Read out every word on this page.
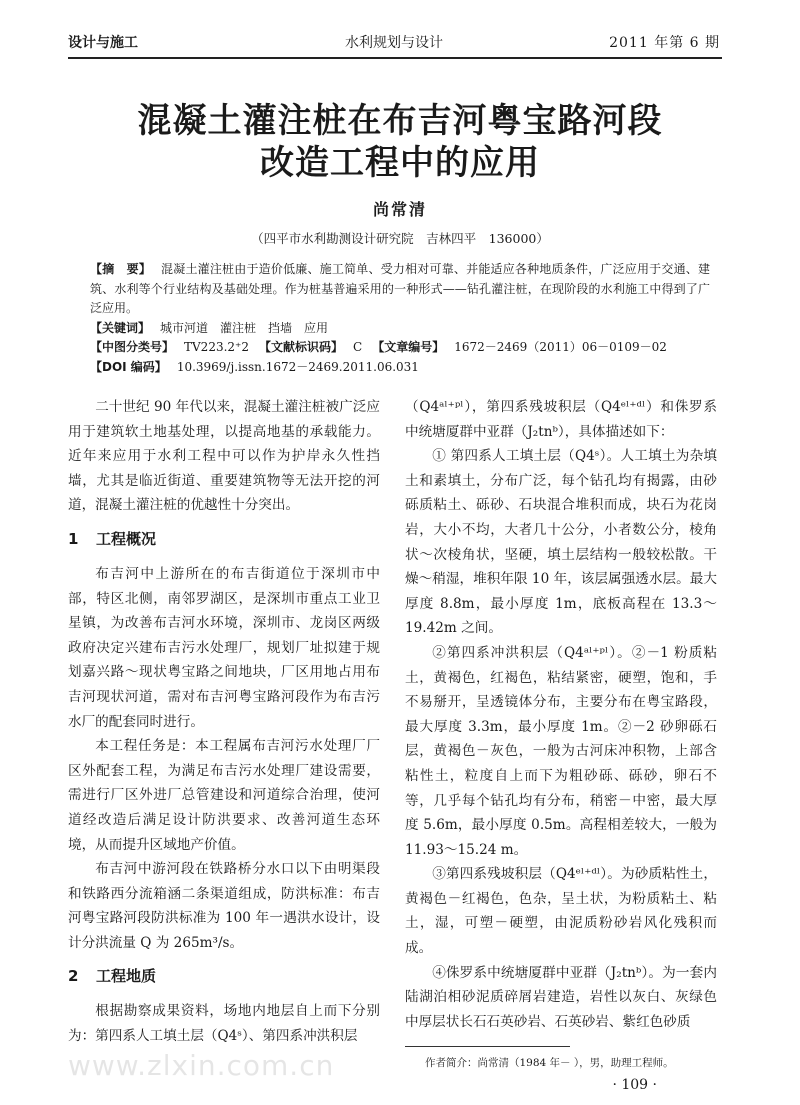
设计与施工	水利规划与设计	2011 年第 6 期
混凝土灌注桩在布吉河粤宝路河段
改造工程中的应用
尚常清
（四平市水利勘测设计研究院　吉林四平　136000）
【摘　要】 混凝土灌注桩由于造价低廉、施工简单、受力相对可靠、并能适应各种地质条件，广泛应用于交通、建筑、水利等个行业结构及基础处理。作为桩基普遍采用的一种形式——钻孔灌注桩，在现阶段的水利施工中得到了广泛应用。
【关键词】 城市河道　灌注桩　挡墙　应用
【中图分类号】 TV223.2⁺2 【文献标识码】 C 【文章编号】 1672－2469（2011）06－0109－02
【DOI 编码】 10.3969/j.issn.1672－2469.2011.06.031

二十世纪 90 年代以来，混凝土灌注桩被广泛应用于建筑软土地基处理，以提高地基的承载能力。近年来应用于水利工程中可以作为护岸永久性挡墙，尤其是临近街道、重要建筑物等无法开挖的河道，混凝土灌注桩的优越性十分突出。

1 工程概况

布吉河中上游所在的布吉街道位于深圳市中部，特区北侧，南邻罗湖区，是深圳市重点工业卫星镇，为改善布吉河水环境，深圳市、龙岗区两级政府决定兴建布吉污水处理厂，规划厂址拟建于规划嘉兴路～现状粤宝路之间地块，厂区用地占用布吉河现状河道，需对布吉河粤宝路河段作为布吉污水厂的配套同时进行。

本工程任务是：本工程属布吉河污水处理厂厂区外配套工程，为满足布吉污水处理厂建设需要，需进行厂区外进厂总管建设和河道综合治理，使河道经改造后满足设计防洪要求、改善河道生态环境，从而提升区域地产价值。

布吉河中游河段在铁路桥分水口以下由明渠段和铁路西分流箱涵二条渠道组成，防洪标准：布吉河粤宝路河段防洪标准为 100 年一遇洪水设计，设计分洪流量 Q 为 265m³/s。

2 工程地质

根据勘察成果资料，场地内地层自上而下分别为：第四系人工填土层（Q4ˢ）、第四系冲洪积层

www.zlxin.com.cn

（Q4ᵃˡ⁺ᵖˡ），第四系残坡积层（Q4ᵉˡ⁺ᵈˡ）和侏罗系中统塘厦群中亚群（J₂tnᵇ），具体描述如下：

① 第四系人工填土层（Q4ˢ）。人工填土为杂填土和素填土，分布广泛，每个钻孔均有揭露，由砂砾质粘土、砾砂、石块混合堆积而成，块石为花岗岩，大小不均，大者几十公分，小者数公分，棱角状～次棱角状，坚硬，填土层结构一般较松散。干燥～稍湿，堆积年限 10 年，该层属强透水层。最大厚度 8.8m，最小厚度 1m，底板高程在 13.3～19.42m 之间。

②第四系冲洪积层（Q4ᵃˡ⁺ᵖˡ）。②－1 粉质粘土，黄褐色，红褐色，粘结紧密，硬塑，饱和，手不易掰开，呈透镜体分布，主要分布在粤宝路段，最大厚度 3.3m，最小厚度 1m。②－2 砂卵砾石层，黄褐色－灰色，一般为古河床冲积物，上部含粘性土，粒度自上而下为粗砂砾、砾砂，卵石不等，几乎每个钻孔均有分布，稍密－中密，最大厚度 5.6m，最小厚度 0.5m。高程相差较大，一般为 11.93～15.24 m。

③第四系残坡积层（Q4ᵉˡ⁺ᵈˡ）。为砂质粘性土，黄褐色－红褐色，色杂，呈土状，为粉质粘土、粘土，湿，可塑－硬塑，由泥质粉砂岩风化残积而成。

④侏罗系中统塘厦群中亚群（J₂tnᵇ）。为一套内陆湖泊相砂泥质碎屑岩建造，岩性以灰白、灰绿色中厚层状长石石英砂岩、石英砂岩、紫红色砂质

作者简介：尚常清（1984 年－ ），男，助理工程师。
· 109 ·
